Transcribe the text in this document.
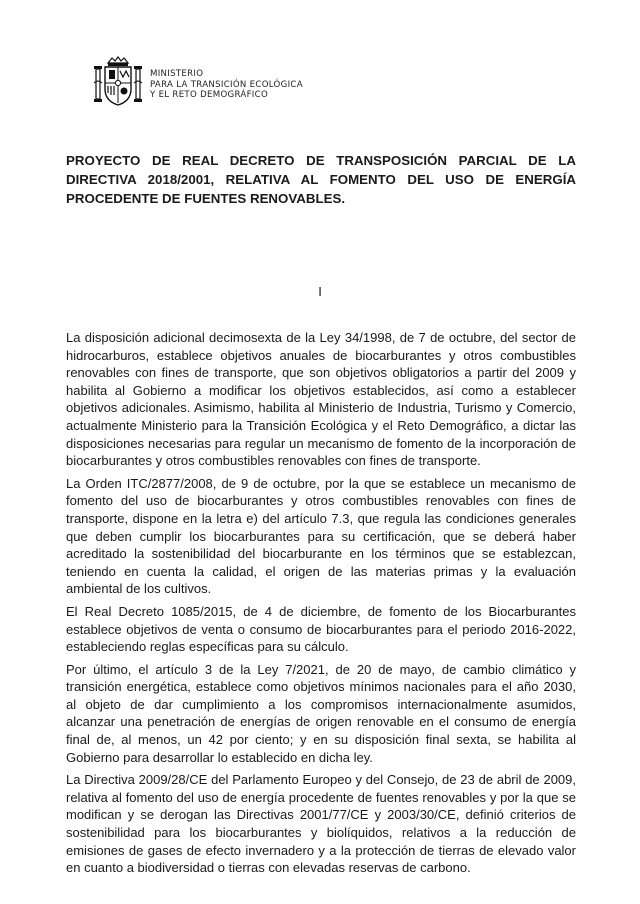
MINISTERIO
PARA LA TRANSICIÓN ECOLÓGICA
Y EL RETO DEMOGRÁFICO
PROYECTO DE REAL DECRETO DE TRANSPOSICIÓN PARCIAL DE LA DIRECTIVA 2018/2001, RELATIVA AL FOMENTO DEL USO DE ENERGÍA PROCEDENTE DE FUENTES RENOVABLES.
I

La disposición adicional decimosexta de la Ley 34/1998, de 7 de octubre, del sector de hidrocarburos, establece objetivos anuales de biocarburantes y otros combustibles renovables con fines de transporte, que son objetivos obligatorios a partir del 2009 y habilita al Gobierno a modificar los objetivos establecidos, así como a establecer objetivos adicionales. Asimismo, habilita al Ministerio de Industria, Turismo y Comercio, actualmente Ministerio para la Transición Ecológica y el Reto Demográfico, a dictar las disposiciones necesarias para regular un mecanismo de fomento de la incorporación de biocarburantes y otros combustibles renovables con fines de transporte.

La Orden ITC/2877/2008, de 9 de octubre, por la que se establece un mecanismo de fomento del uso de biocarburantes y otros combustibles renovables con fines de transporte, dispone en la letra e) del artículo 7.3, que regula las condiciones generales que deben cumplir los biocarburantes para su certificación, que se deberá haber acreditado la sostenibilidad del biocarburante en los términos que se establezcan, teniendo en cuenta la calidad, el origen de las materias primas y la evaluación ambiental de los cultivos.

El Real Decreto 1085/2015, de 4 de diciembre, de fomento de los Biocarburantes establece objetivos de venta o consumo de biocarburantes para el periodo 2016-2022, estableciendo reglas específicas para su cálculo.

Por último, el artículo 3 de la Ley 7/2021, de 20 de mayo, de cambio climático y transición energética, establece como objetivos mínimos nacionales para el año 2030, al objeto de dar cumplimiento a los compromisos internacionalmente asumidos, alcanzar una penetración de energías de origen renovable en el consumo de energía final de, al menos, un 42 por ciento; y en su disposición final sexta, se habilita al Gobierno para desarrollar lo establecido en dicha ley.

La Directiva 2009/28/CE del Parlamento Europeo y del Consejo, de 23 de abril de 2009, relativa al fomento del uso de energía procedente de fuentes renovables y por la que se modifican y se derogan las Directivas 2001/77/CE y 2003/30/CE, definió criterios de sostenibilidad para los biocarburantes y biolíquidos, relativos a la reducción de emisiones de gases de efecto invernadero y a la protección de tierras de elevado valor en cuanto a biodiversidad o tierras con elevadas reservas de carbono.
